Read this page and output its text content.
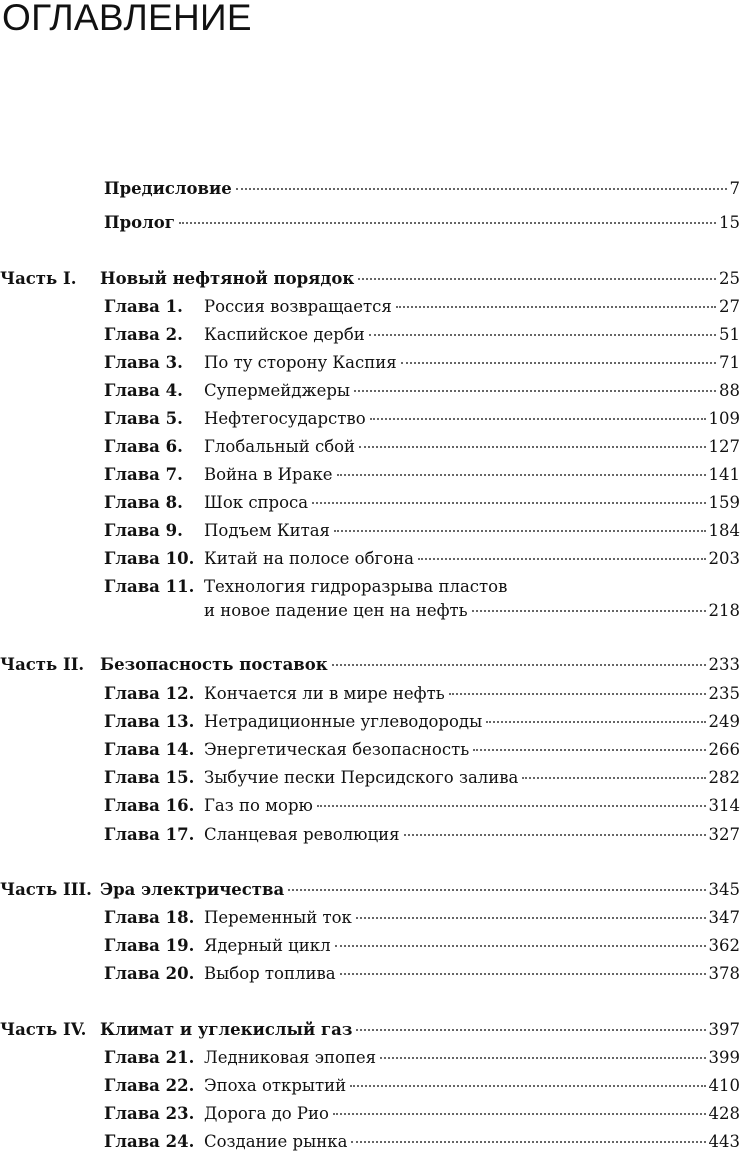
ОГЛАВЛЕНИЕ
Предисловие	7
Пролог	15
Часть I.	Новый нефтяной порядок	25
Глава 1.	Россия возвращается	27
Глава 2.	Каспийское дерби	51
Глава 3.	По ту сторону Каспия	71
Глава 4.	Супермейджеры	88
Глава 5.	Нефтегосударство	109
Глава 6.	Глобальный сбой	127
Глава 7.	Война в Ираке	141
Глава 8.	Шок спроса	159
Глава 9.	Подъем Китая	184
Глава 10. Китай на полосе обгона	203
Глава 11. Технология гидроразрыва пластов
и новое падение цен на нефть	218
Часть II. Безопасность поставок	233
Глава 12. Кончается ли в мире нефть	235
Глава 13. Нетрадиционные углеводороды	249
Глава 14. Энергетическая безопасность	266
Глава 15. Зыбучие пески Персидского залива	282
Глава 16. Газ по морю	314
Глава 17. Сланцевая революция	327
Часть III. Эра электричества	345
Глава 18. Переменный ток	347
Глава 19. Ядерный цикл	362
Глава 20. Выбор топлива	378
Часть IV. Климат и углекислый газ	397
Глава 21. Ледниковая эпопея	399
Глава 22. Эпоха открытий	410
Глава 23. Дорога до Рио	428
Глава 24. Создание рынка	443
